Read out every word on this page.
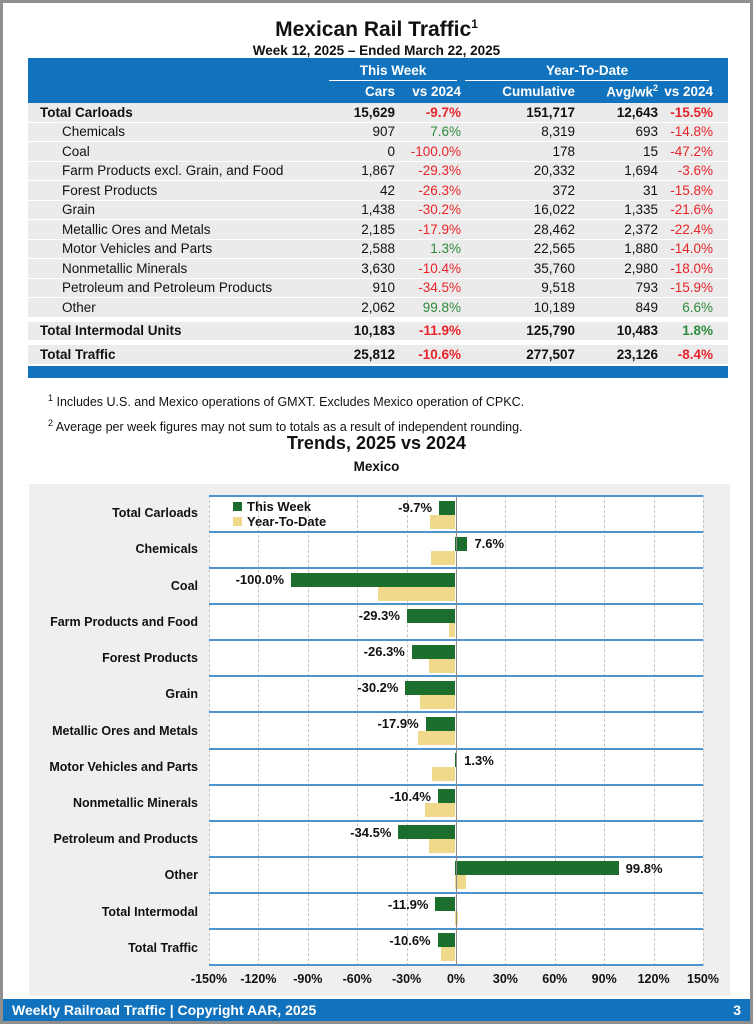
Mexican Rail Traffic$^1$
Week 12, 2025 – Ended March 22, 2025
This Week	Year-To-Date
Cars	vs 2024	Cumulative	Avg/$wk^2$ vs 2024
Total Carloads	15,629	-9.7%	151,717	12,643 -15.5%
Chemicals	907	7.6%	8,319	693 -14.8%
Coal	0	-100.0%	178	15 -47.2%
Farm Products excl. Grain, and Food	1,867	-29.3%	20,332	1,694	-3.6%
Forest Products	42	-26.3%	372	31 -15.8%
Grain	1,438	-30.2%	16,022	1,335 -21.6%
Metallic Ores and Metals	2,185	-17.9%	28,462	2,372 -22.4%
Motor Vehicles and Parts	2,588	1.3%	22,565	1,880 -14.0%
Nonmetallic Minerals	3,630	-10.4%	35,760	2,980 -18.0%
Petroleum and Petroleum Products	910	-34.5%	9,518	793 -15.9%
Other	2,062	99.8%	10,189	849	6.6%
Total Intermodal Units	10,183	-11.9%	125,790	10,483	1.8%
Total Traffic	25,812	-10.6%	277,507	23,126	-8.4%
$^1$ Includes U.S. and Mexico operations of GMXT. Excludes Mexico operation of CPKC.
$^2$ Average per week figures may not sum to totals as a result of independent rounding.
Trends, 2025 vs 2024
Mexico
Total Carloads
Chemicals
Coal
Farm Products and Food
Forest Products
Grain
Metallic Ores and Metals
Motor Vehicles and Parts
Nonmetallic Minerals
Petroleum and Products
Other
Total Intermodal
Total Traffic
-9.7%
This Week
Year-To-Date
7.6%
-100.0%
-29.3%
-26.3%
-30.2%
-17.9%
1.3%
-10.4%
-34.5%
99.8%
-11.9%
-10.6%
-150%	-120%	-90%	-60%	-30%	0%	30%	60%	90%	120%	150%
Weekly Railroad Traffic | Copyright AAR, 2025	3
